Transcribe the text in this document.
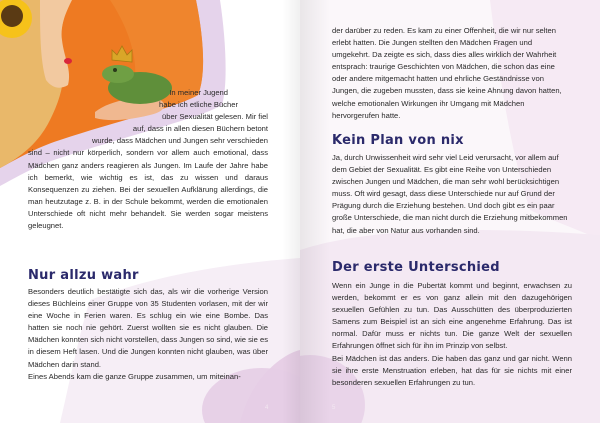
In meiner Jugend
habe ich etliche Bücher
über Sexualität gelesen. Mir fiel
auf, dass in allen diesen Büchern betont
wurde, dass Mädchen und Jungen sehr verschieden

sind – nicht nur körperlich, sondern vor allem auch emotional, dass Mädchen ganz anders reagieren als Jungen. Im Laufe der Jahre habe ich bemerkt, wie wichtig es ist, das zu wissen und daraus Konsequenzen zu ziehen. Bei der sexuellen Aufklärung allerdings, die man heutzutage z. B. in der Schule bekommt, werden die emotionalen Unterschiede oft nicht mehr behandelt. Sie werden sogar meistens geleugnet.

Nur allzu wahr

Besonders deutlich bestätigte sich das, als wir die vorherige Version dieses Büchleins einer Gruppe von 35 Studenten vorlasen, mit der wir eine Woche in Ferien waren. Es schlug ein wie eine Bombe. Das hatten sie noch nie gehört. Zuerst wollten sie es nicht glauben. Die Mädchen konnten sich nicht vorstellen, dass Jungen so sind, wie sie es in diesem Heft lasen. Und die Jungen konnten nicht glauben, was über Mädchen darin stand.

Eines Abends kam die ganze Gruppe zusammen, um miteinan-

4

der darüber zu reden. Es kam zu einer Offenheit, die wir nur selten erlebt hatten. Die Jungen stellten den Mädchen Fragen und umgekehrt. Da zeigte es sich, dass dies alles wirklich der Wahrheit entsprach: traurige Geschichten von Mädchen, die schon das eine oder andere mitgemacht hatten und ehrliche Geständnisse von Jungen, die zugeben mussten, dass sie keine Ahnung davon hatten, welche emotionalen Wirkungen ihr Umgang mit Mädchen hervorgerufen hatte.

Kein Plan von nix

Ja, durch Unwissenheit wird sehr viel Leid verursacht, vor allem auf dem Gebiet der Sexualität. Es gibt eine Reihe von Unterschieden zwischen Jungen und Mädchen, die man sehr wohl berücksichtigen muss. Oft wird gesagt, dass diese Unterschiede nur auf Grund der Prägung durch die Erziehung bestehen. Und doch gibt es ein paar große Unterschiede, die man nicht durch die Erziehung mitbekommen hat, die aber von Natur aus vorhanden sind.

Der erste Unterschied

Wenn ein Junge in die Pubertät kommt und beginnt, erwachsen zu werden, bekommt er es von ganz allein mit den dazugehörigen sexuellen Gefühlen zu tun. Das Ausschütten des überproduzierten Samens zum Beispiel ist an sich eine angenehme Erfahrung. Das ist normal. Dafür muss er nichts tun. Die ganze Welt der sexuellen Erfahrungen öffnet sich für ihn im Prinzip von selbst.

Bei Mädchen ist das anders. Die haben das ganz und gar nicht. Wenn sie ihre erste Menstruation erleben, hat das für sie nichts mit einer besonderen sexuellen Erfahrungen zu tun.

5
